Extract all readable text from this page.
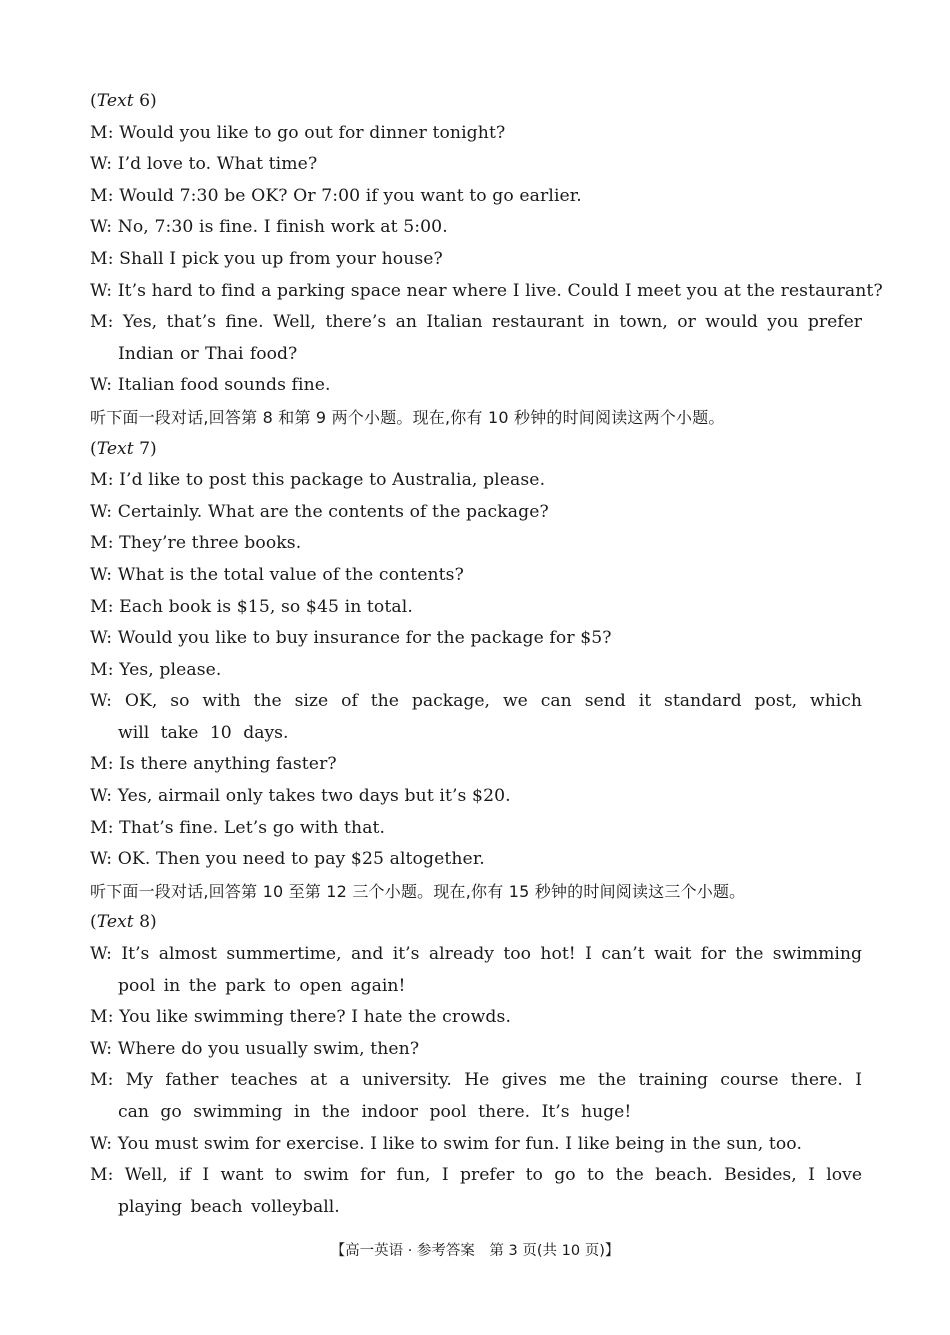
(Text 6)
M: Would you like to go out for dinner tonight?
W: I’d love to. What time?
M: Would 7:30 be OK? Or 7:00 if you want to go earlier.
W: No, 7:30 is fine. I finish work at 5:00.
M: Shall I pick you up from your house?
W: It’s hard to find a parking space near where I live. Could I meet you at the restaurant?
M: Yes, that’s fine. Well, there’s an Italian restaurant in town, or would you prefer Indian or Thai food?
W: Italian food sounds fine.
听下面一段对话,回答第 8 和第 9 两个小题。现在,你有 10 秒钟的时间阅读这两个小题。
(Text 7)
M: I’d like to post this package to Australia, please.
W: Certainly. What are the contents of the package?
M: They’re three books.
W: What is the total value of the contents?
M: Each book is $15, so $45 in total.
W: Would you like to buy insurance for the package for $5?
M: Yes, please.
W: OK, so with the size of the package, we can send it standard post, which will take 10 days.
M: Is there anything faster?
W: Yes, airmail only takes two days but it’s $20.
M: That’s fine. Let’s go with that.
W: OK. Then you need to pay $25 altogether.
听下面一段对话,回答第 10 至第 12 三个小题。现在,你有 15 秒钟的时间阅读这三个小题。
(Text 8)
W: It’s almost summertime, and it’s already too hot! I can’t wait for the swimming pool in the park to open again!
M: You like swimming there? I hate the crowds.
W: Where do you usually swim, then?
M: My father teaches at a university. He gives me the training course there. I can go swimming in the indoor pool there. It’s huge!
W: You must swim for exercise. I like to swim for fun. I like being in the sun, too.
M: Well, if I want to swim for fun, I prefer to go to the beach. Besides, I love playing beach volleyball.
【高一英语 · 参考答案　第 3 页(共 10 页)】
